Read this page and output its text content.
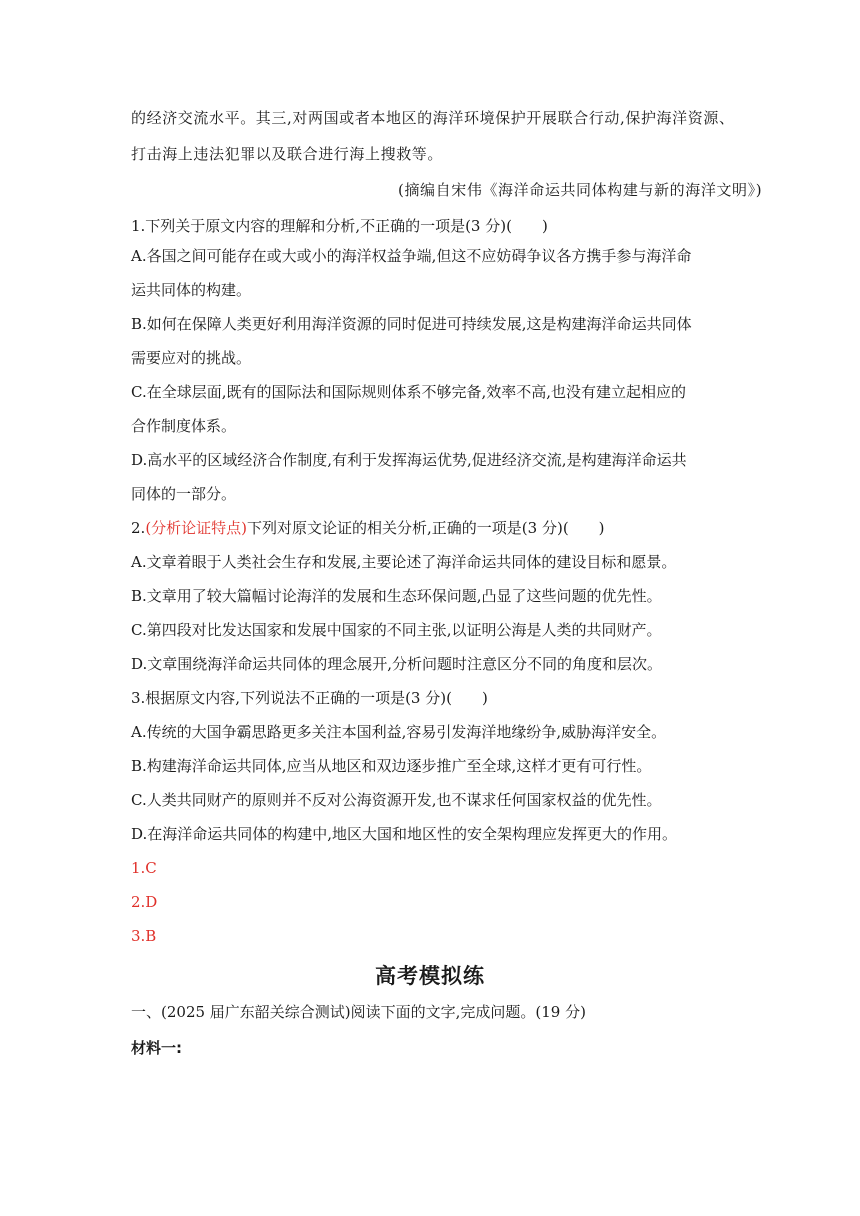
的经济交流水平。其三,对两国或者本地区的海洋环境保护开展联合行动,保护海洋资源、
打击海上违法犯罪以及联合进行海上搜救等。
(摘编自宋伟《海洋命运共同体构建与新的海洋文明》)
1.下列关于原文内容的理解和分析,不正确的一项是(3 分)(　　)
A.各国之间可能存在或大或小的海洋权益争端,但这不应妨碍争议各方携手参与海洋命
运共同体的构建。
B.如何在保障人类更好利用海洋资源的同时促进可持续发展,这是构建海洋命运共同体
需要应对的挑战。
C.在全球层面,既有的国际法和国际规则体系不够完备,效率不高,也没有建立起相应的
合作制度体系。
D.高水平的区域经济合作制度,有利于发挥海运优势,促进经济交流,是构建海洋命运共
同体的一部分。
2.(分析论证特点)下列对原文论证的相关分析,正确的一项是(3 分)(　　)
A.文章着眼于人类社会生存和发展,主要论述了海洋命运共同体的建设目标和愿景。
B.文章用了较大篇幅讨论海洋的发展和生态环保问题,凸显了这些问题的优先性。
C.第四段对比发达国家和发展中国家的不同主张,以证明公海是人类的共同财产。
D.文章围绕海洋命运共同体的理念展开,分析问题时注意区分不同的角度和层次。
3.根据原文内容,下列说法不正确的一项是(3 分)(　　)
A.传统的大国争霸思路更多关注本国利益,容易引发海洋地缘纷争,威胁海洋安全。
B.构建海洋命运共同体,应当从地区和双边逐步推广至全球,这样才更有可行性。
C.人类共同财产的原则并不反对公海资源开发,也不谋求任何国家权益的优先性。
D.在海洋命运共同体的构建中,地区大国和地区性的安全架构理应发挥更大的作用。
1.C
2.D
3.B
高考模拟练
一、(2025 届广东韶关综合测试)阅读下面的文字,完成问题。(19 分)
材料一:
